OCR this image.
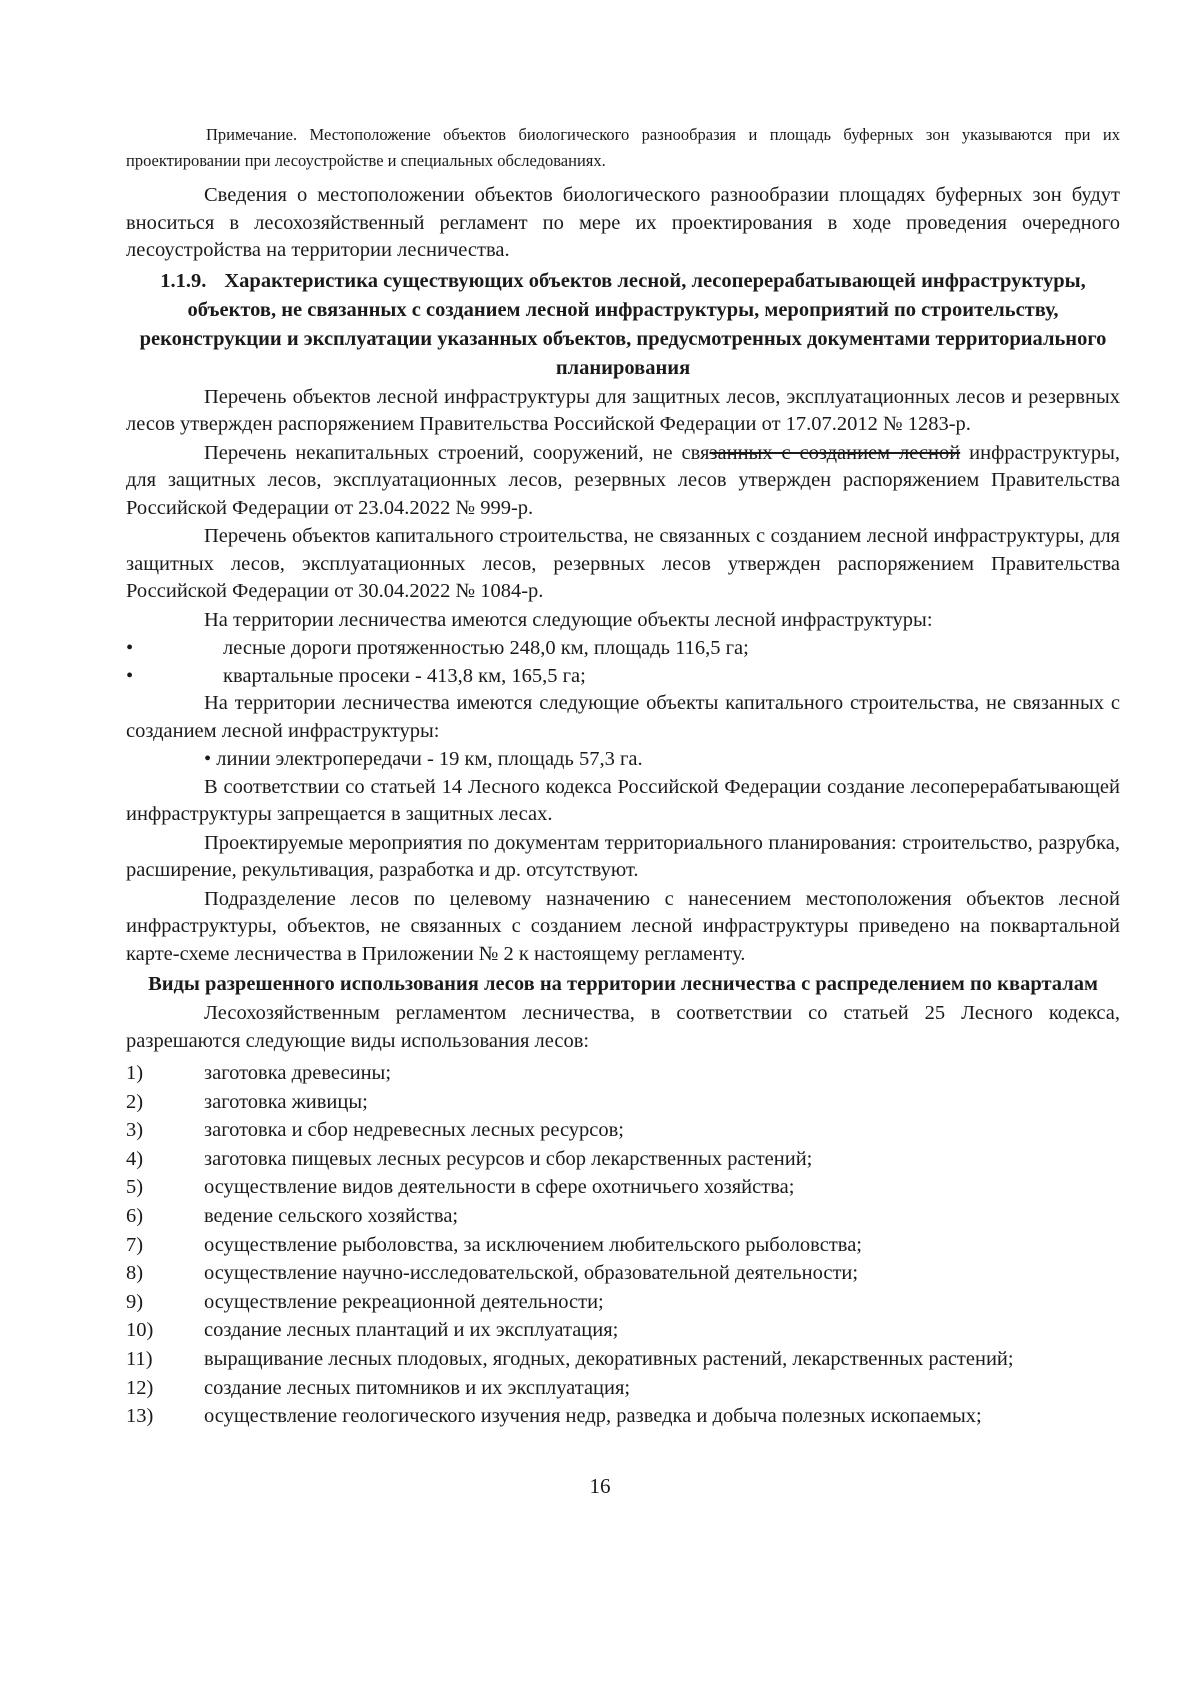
Примечание. Местоположение объектов биологического разнообразия и площадь буферных зон указываются при их проектировании при лесоустройстве и специальных обследованиях.

Сведения о местоположении объектов биологического разнообразии площадях буферных зон будут вноситься в лесохозяйственный регламент по мере их проектирования в ходе проведения очередного лесоустройства на территории лесничества.

1.1.9. Характеристика существующих объектов лесной, лесоперерабатывающей инфраструктуры, объектов, не связанных с созданием лесной инфраструктуры, мероприятий по строительству, реконструкции и эксплуатации указанных объектов, предусмотренных документами территориального планирования

Перечень объектов лесной инфраструктуры для защитных лесов, эксплуатационных лесов и резервных лесов утвержден распоряжением Правительства Российской Федерации от 17.07.2012 № 1283-р.

Перечень некапитальных строений, сооружений, не связанных с созданием лесной инфраструктуры, для защитных лесов, эксплуатационных лесов, резервных лесов утвержден распоряжением Правительства Российской Федерации от 23.04.2022 № 999-р.

Перечень объектов капитального строительства, не связанных с созданием лесной инфраструктуры, для защитных лесов, эксплуатационных лесов, резервных лесов утвержден распоряжением Правительства Российской Федерации от 30.04.2022 № 1084-р.

На территории лесничества имеются следующие объекты лесной инфраструктуры:

•	лесные дороги протяженностью 248,0 км, площадь 116,5 га;
•	квартальные просеки - 413,8 км, 165,5 га;

На территории лесничества имеются следующие объекты капитального строительства, не связанных с созданием лесной инфраструктуры:

• линии электропередачи - 19 км, площадь 57,3 га.

В соответствии со статьей 14 Лесного кодекса Российской Федерации создание лесоперерабатывающей инфраструктуры запрещается в защитных лесах.

Проектируемые мероприятия по документам территориального планирования: строительство, разрубка, расширение, рекультивация, разработка и др. отсутствуют.

Подразделение лесов по целевому назначению с нанесением местоположения объектов лесной инфраструктуры, объектов, не связанных с созданием лесной инфраструктуры приведено на поквартальной карте-схеме лесничества в Приложении № 2 к настоящему регламенту.

Виды разрешенного использования лесов на территории лесничества с распределением по кварталам

Лесохозяйственным регламентом лесничества, в соответствии со статьей 25 Лесного кодекса, разрешаются следующие виды использования лесов:

1)	заготовка древесины;
2)	заготовка живицы;
3)	заготовка и сбор недревесных лесных ресурсов;
4)	заготовка пищевых лесных ресурсов и сбор лекарственных растений;
5)	осуществление видов деятельности в сфере охотничьего хозяйства;
6)	ведение сельского хозяйства;
7)	осуществление рыболовства, за исключением любительского рыболовства;
8)	осуществление научно-исследовательской, образовательной деятельности;
9)	осуществление рекреационной деятельности;
10) создание лесных плантаций и их эксплуатация;
11)	выращивание лесных плодовых, ягодных, декоративных растений, лекарственных растений;
12) создание лесных питомников и их эксплуатация;
13) осуществление геологического изучения недр, разведка и добыча полезных ископаемых;
16
